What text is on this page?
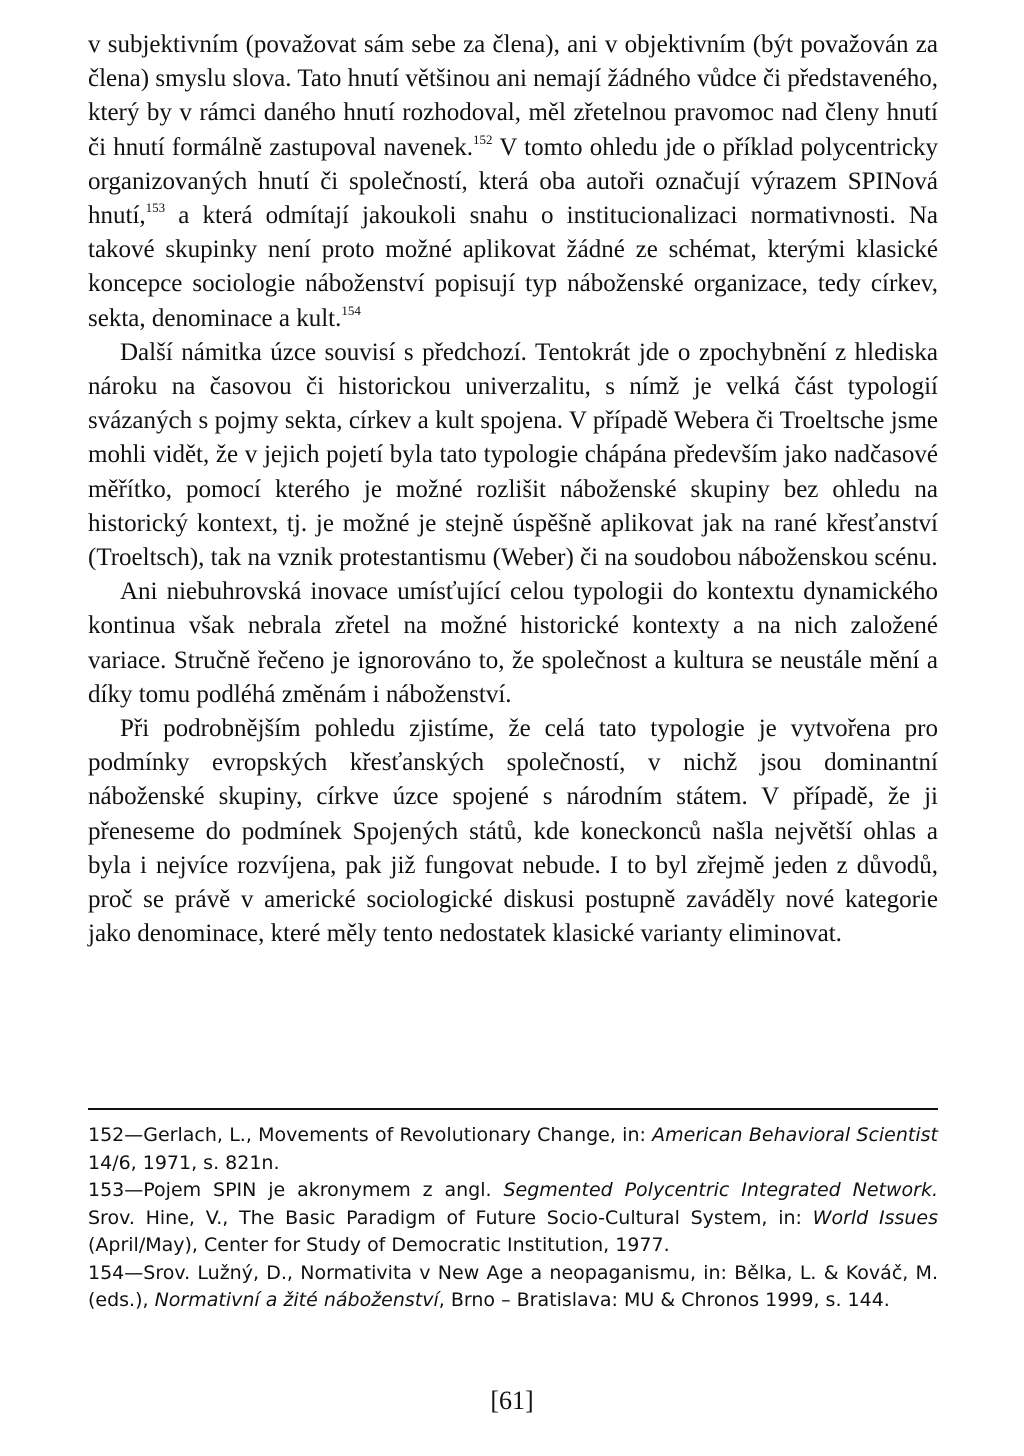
v subjektivním (považovat sám sebe za člena), ani v objektivním (být považován za člena) smyslu slova. Tato hnutí většinou ani nemají žádného vůdce či představeného, který by v rámci daného hnutí rozhodoval, měl zřetelnou pravomoc nad členy hnutí či hnutí formálně zastupoval navenek.$^{152}$ V tomto ohledu jde o příklad polycentricky organizovaných hnutí či společností, která oba autoři označují výrazem SPINová hnutí,$^{153}$ a která odmítají jakoukoli snahu o institucionalizaci normativnosti. Na takové skupinky není proto možné aplikovat žádné ze schémat, kterými klasické koncepce sociologie náboženství popisují typ náboženské organizace, tedy církev, sekta, denominace a kult.$^{154}$

Další námitka úzce souvisí s předchozí. Tentokrát jde o zpochybnění z hlediska nároku na časovou či historickou univerzalitu, s nímž je velká část typologií svázaných s pojmy sekta, církev a kult spojena. V případě Webera či Troeltsche jsme mohli vidět, že v jejich pojetí byla tato typologie chápána především jako nadčasové měřítko, pomocí kterého je možné rozlišit náboženské skupiny bez ohledu na historický kontext, tj. je možné je stejně úspěšně aplikovat jak na rané křesťanství (Troeltsch), tak na vznik protestantismu (Weber) či na soudobou náboženskou scénu.

Ani niebuhrovská inovace umísťující celou typologii do kontextu dynamického kontinua však nebrala zřetel na možné historické kontexty a na nich založené variace. Stručně řečeno je ignorováno to, že společnost a kultura se neustále mění a díky tomu podléhá změnám i náboženství.

Při podrobnějším pohledu zjistíme, že celá tato typologie je vytvořena pro podmínky evropských křesťanských společností, v nichž jsou dominantní náboženské skupiny, církve úzce spojené s národním státem. V případě, že ji přeneseme do podmínek Spojených států, kde koneckonců našla největší ohlas a byla i nejvíce rozvíjena, pak již fungovat nebude. I to byl zřejmě jeden z důvodů, proč se právě v americké sociologické diskusi postupně zaváděly nové kategorie jako denominace, které měly tento nedostatek klasické varianty eliminovat.

152—Gerlach, L., Movements of Revolutionary Change, in: American Behavioral Scientist 14/6, 1971, s. 821n.

153—Pojem SPIN je akronymem z angl. Segmented Polycentric Integrated Network. Srov. Hine, V., The Basic Paradigm of Future Socio-Cultural System, in: World Issues (April/May), Center for Study of Democratic Institution, 1977.

154—Srov. Lužný, D., Normativita v New Age a neopaganismu, in: Bělka, L. & Kováč, M. (eds.), Normativní a žité náboženství, Brno – Bratislava: MU & Chronos 1999, s. 144.

[61]
